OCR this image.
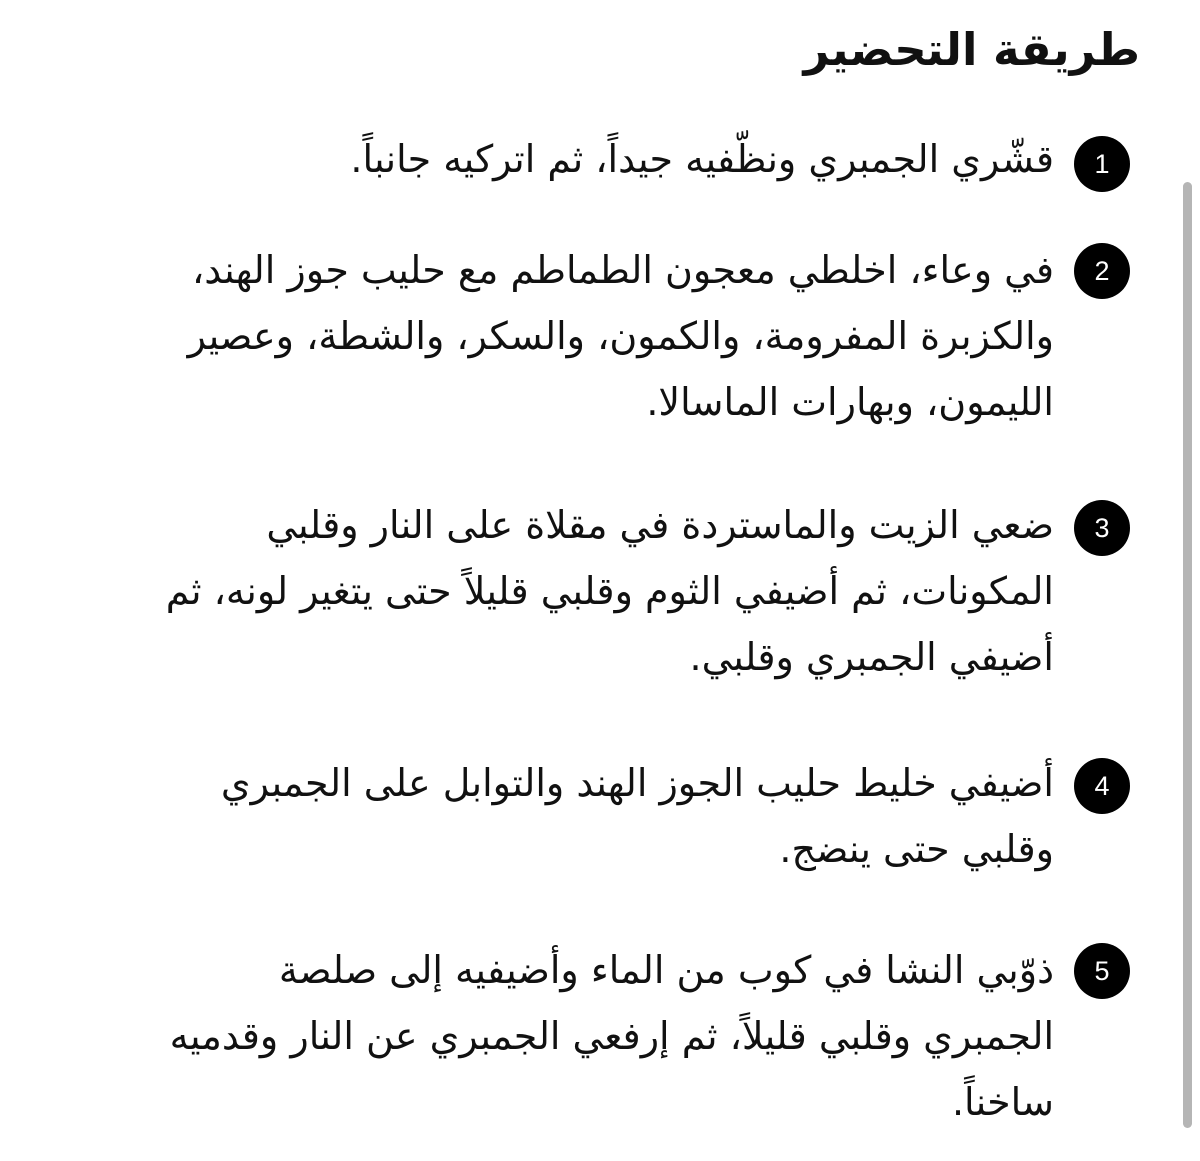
طريقة التحضير
1
قشّري الجمبري ونظّفيه جيداً، ثم اتركيه جانباً.
2
في وعاء، اخلطي معجون الطماطم مع حليب جوز الهند،
والكزبرة المفرومة، والكمون، والسكر، والشطة، وعصير
الليمون، وبهارات الماسالا.
3
ضعي الزيت والماستردة في مقلاة على النار وقلبي
المكونات، ثم أضيفي الثوم وقلبي قليلاً حتى يتغير لونه، ثم
أضيفي الجمبري وقلبي.
4
أضيفي خليط حليب الجوز الهند والتوابل على الجمبري
وقلبي حتى ينضج.
5
ذوّبي النشا في كوب من الماء وأضيفيه إلى صلصة
الجمبري وقلبي قليلاً، ثم إرفعي الجمبري عن النار وقدميه
ساخناً.
